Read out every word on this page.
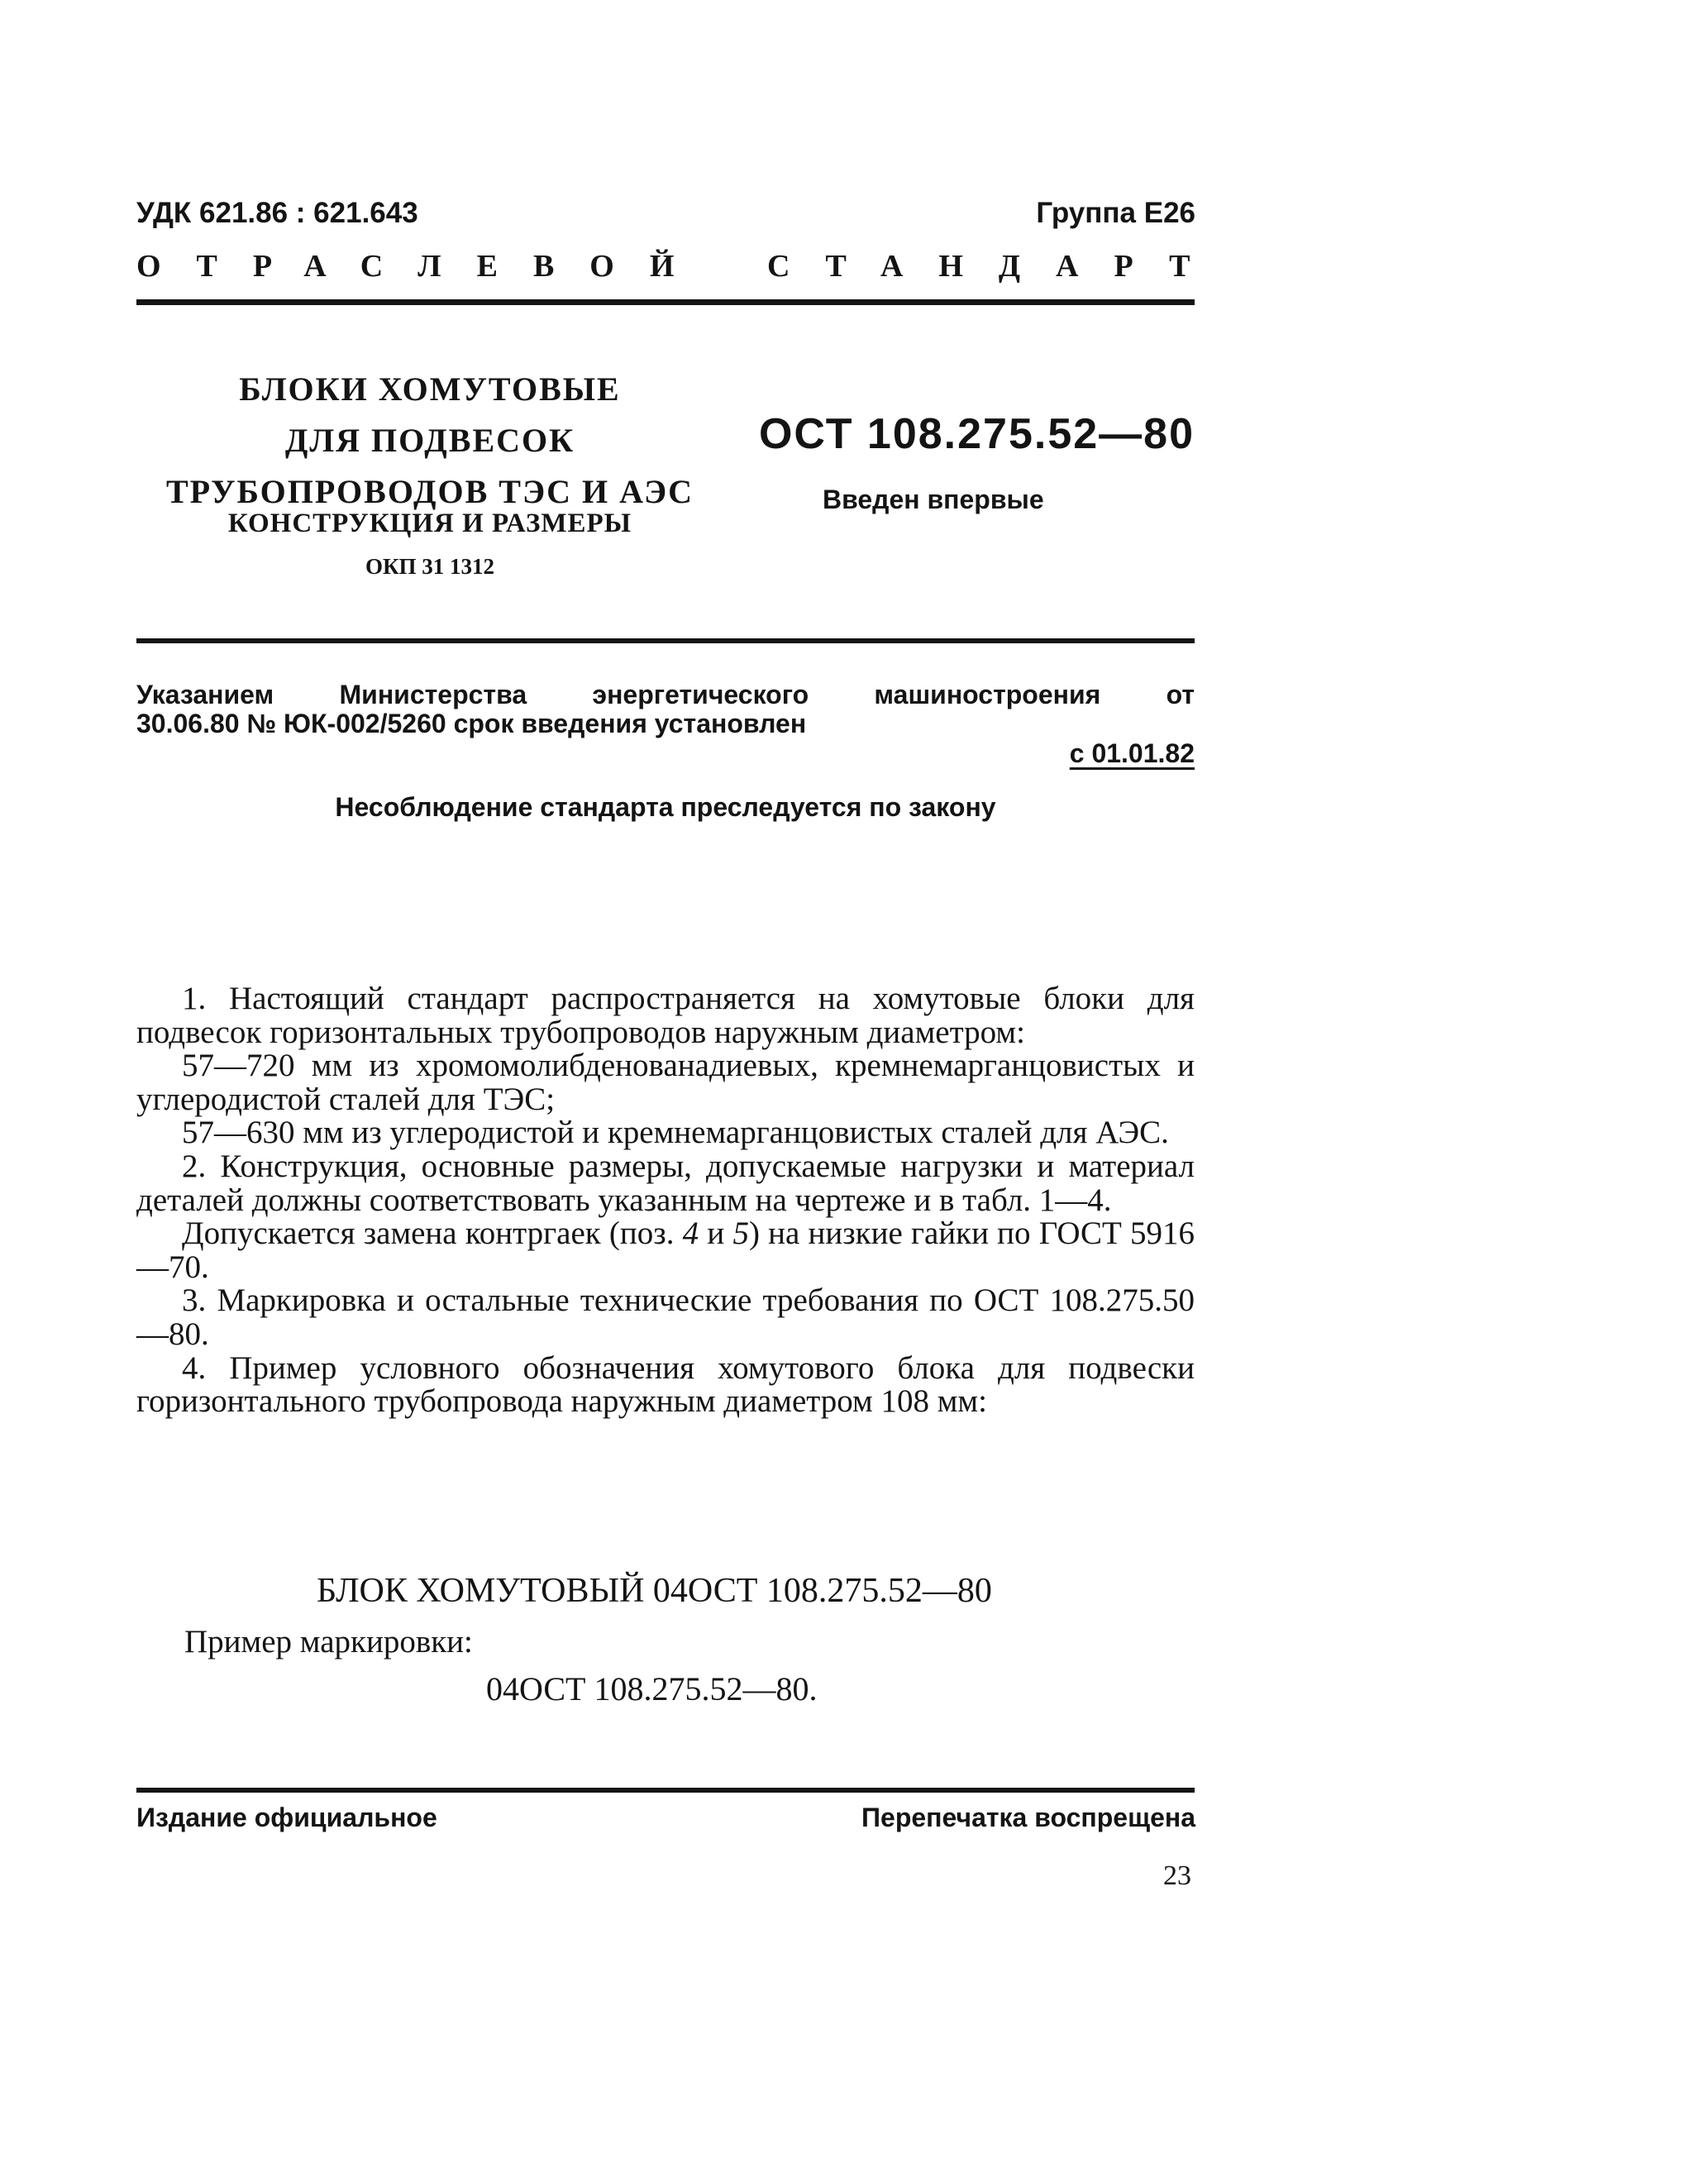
УДК 621.86 : 621.643	Группа Е26
ОТРАСЛЕВОЙ СТАНДАРТ
БЛОКИ ХОМУТОВЫЕ
ДЛЯ ПОДВЕСОК
ТРУБОПРОВОДОВ ТЭС И АЭС
КОНСТРУКЦИЯ И РАЗМЕРЫ
ОКП 31 1312
ОСТ 108.275.52—80
Введен впервые
Указанием Министерства энергетического машиностроения от
30.06.80 № ЮК-002/5260 срок введения установлен
с 01.01.82
Несоблюдение стандарта преследуется по закону

1. Настоящий стандарт распространяется на хомутовые блоки для подвесок горизонтальных трубопроводов наружным диаметром:

57—720 мм из хромомолибденованадиевых, кремнемарганцовистых и углеродистой сталей для ТЭС;

57—630 мм из углеродистой и кремнемарганцовистых сталей для АЭС.

2. Конструкция, основные размеры, допускаемые нагрузки и материал деталей должны соответствовать указанным на чертеже и в табл. 1—4.

Допускается замена контргаек (поз. 4 и 5) на низкие гайки по ГОСТ 5916—70.

3. Маркировка и остальные технические требования по ОСТ 108.275.50—80.

4. Пример условного обозначения хомутового блока для подвески горизонтального трубопровода наружным диаметром 108 мм:

БЛОК ХОМУТОВЫЙ 04ОСТ 108.275.52—80
Пример маркировки:
04ОСТ 108.275.52—80.
Издание официальное	Перепечатка воспрещена
23
